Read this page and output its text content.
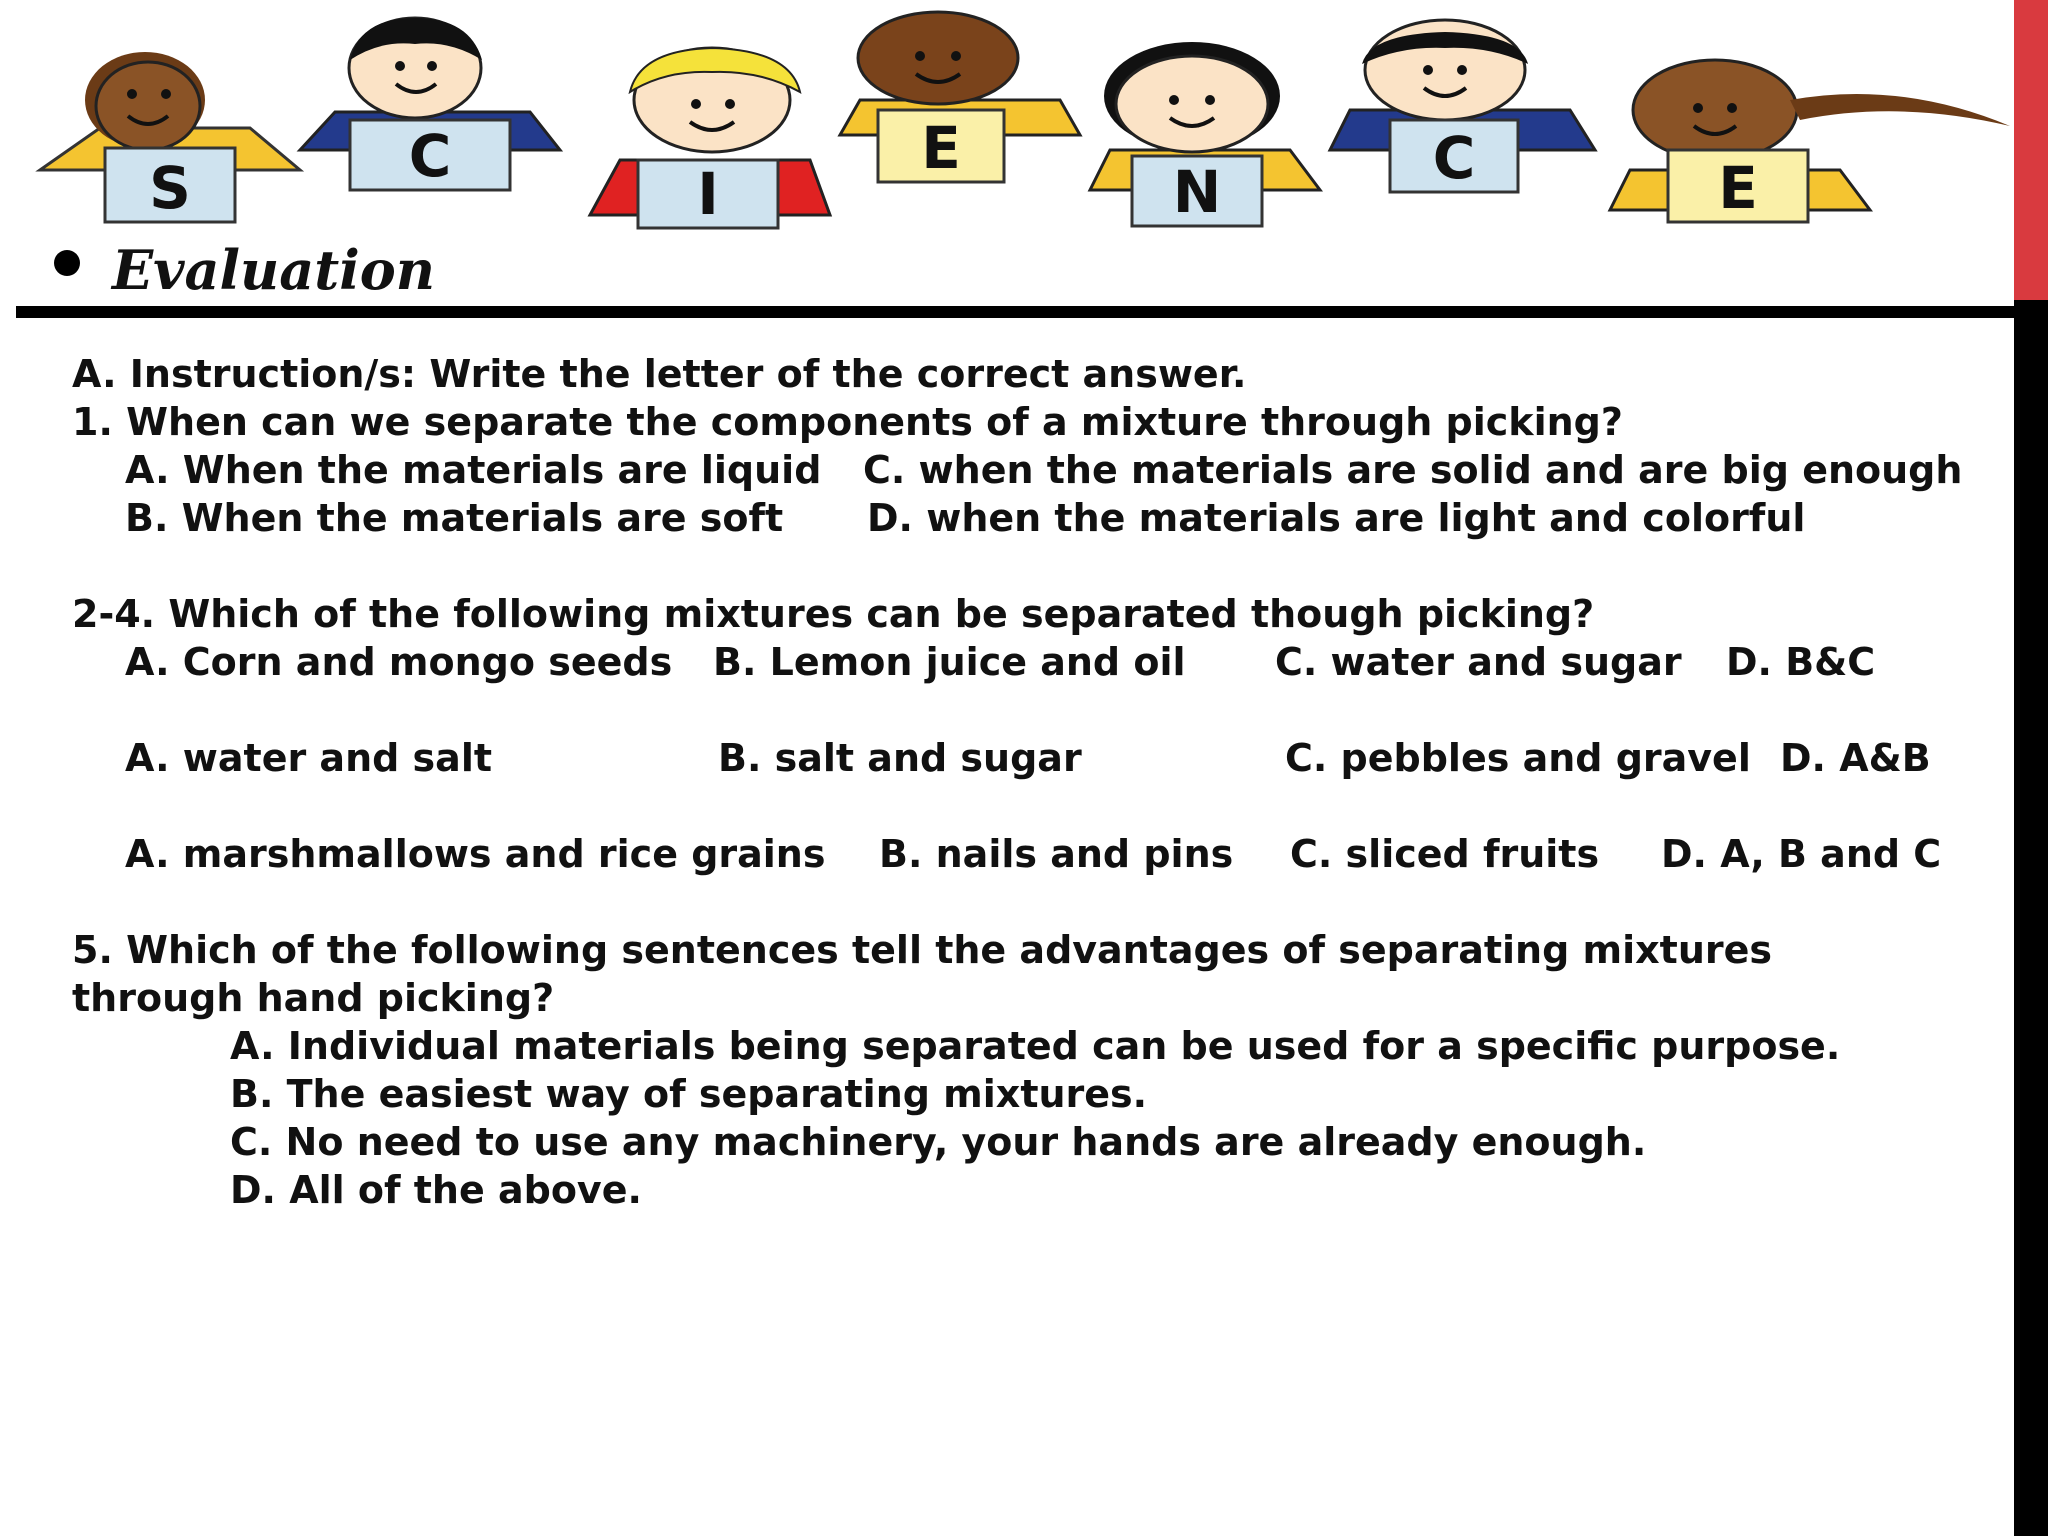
S	C
I
E
N	C	E
Evaluation
A. Instruction/s: Write the letter of the correct answer.
1. When can we separate the components of a mixture through picking?
A. When the materials are liquid C. when the materials are solid and are big enough
B. When the materials are soft D. when the materials are light and colorful
2-4. Which of the following mixtures can be separated though picking?
A. Corn and mongo seeds B. Lemon juice and oil C. water and sugar D. B&C
A. water and salt	B. salt and sugar	C. pebbles and gravel D. A&B
A. marshmallows and rice grains B. nails and pins C. sliced fruits D. A, B and C
5. Which of the following sentences tell the advantages of separating mixtures
through hand picking?
A. Individual materials being separated can be used for a specific purpose.
B. The easiest way of separating mixtures.
C. No need to use any machinery, your hands are already enough.
D. All of the above.
